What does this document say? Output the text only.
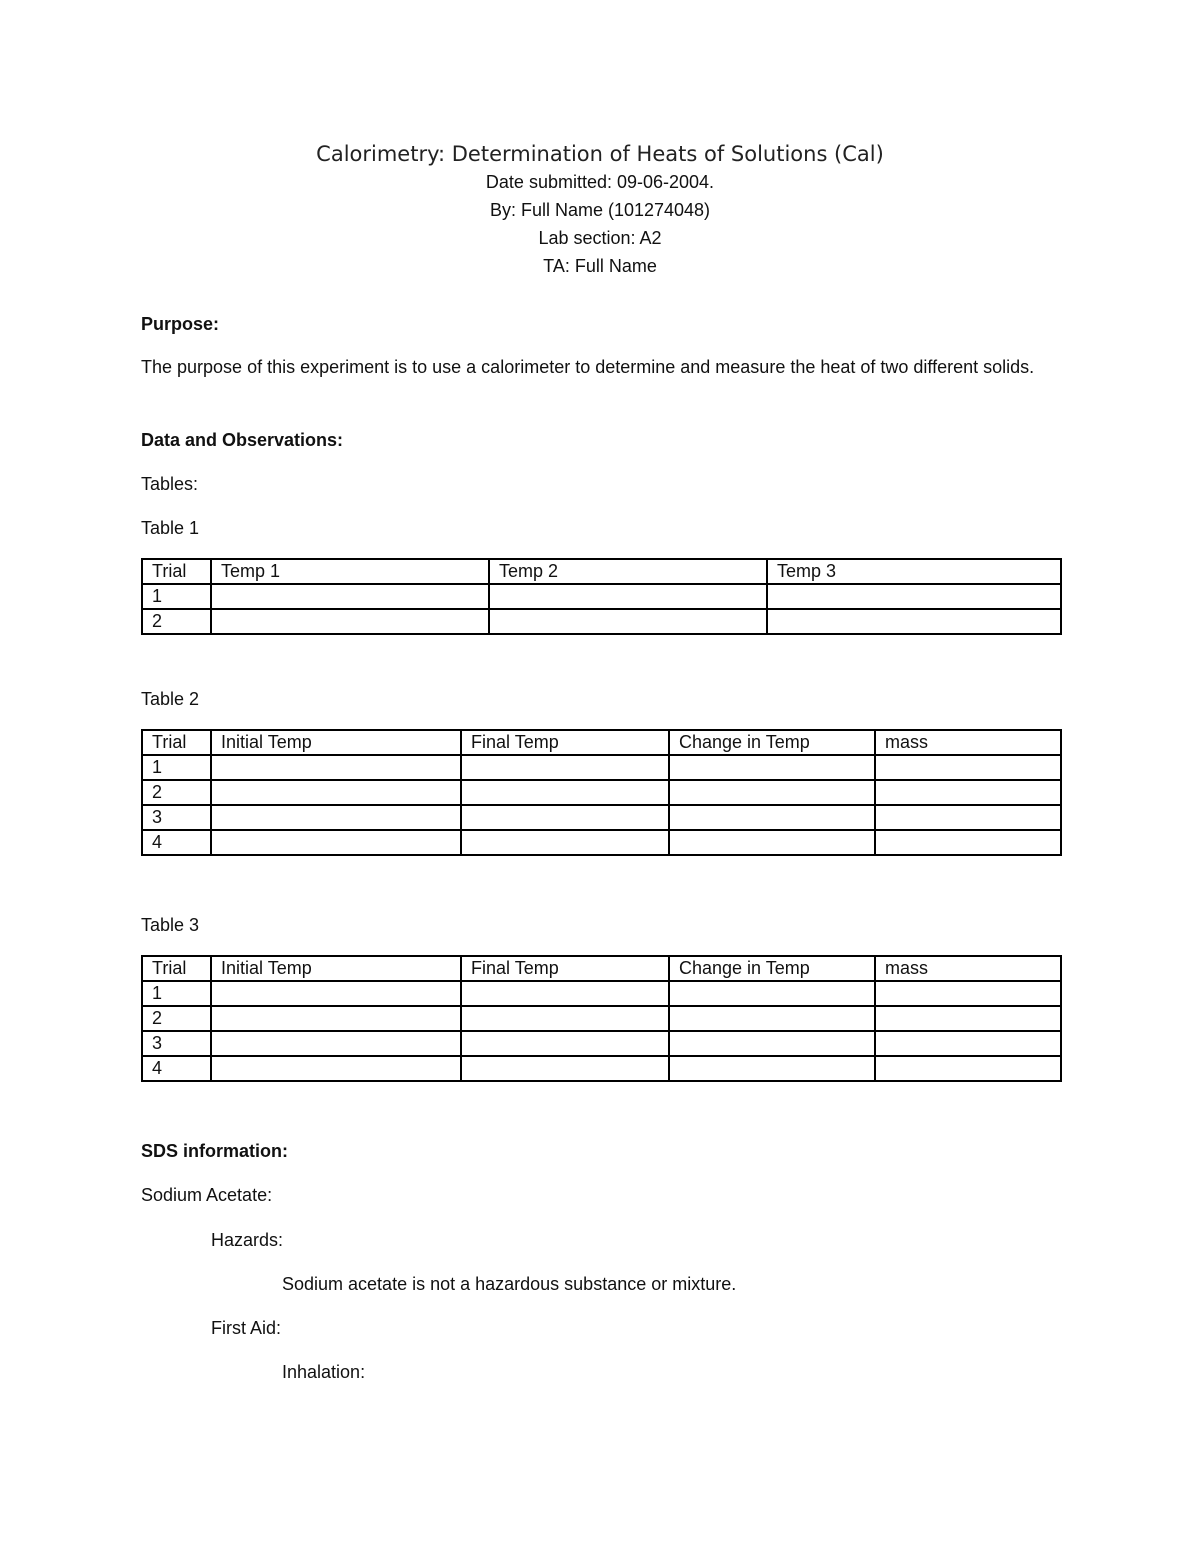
Calorimetry: Determination of Heats of Solutions (Cal)
Date submitted: 09-06-2004.
By: Full Name (101274048)
Lab section: A2
TA: Full Name
Purpose:
The purpose of this experiment is to use a calorimeter to determine and measure the heat of two different solids.
Data and Observations:
Tables:
Table 1
Trial	Temp 1	Temp 2	Temp 3
1			
2			
Table 2
Trial	Initial Temp	Final Temp	Change in Temp	mass
1				
2				
3				
4				
Table 3
Trial	Initial Temp	Final Temp	Change in Temp	mass
1				
2				
3				
4				
SDS information:
Sodium Acetate:
Hazards:
Sodium acetate is not a hazardous substance or mixture.
First Aid:
Inhalation:
